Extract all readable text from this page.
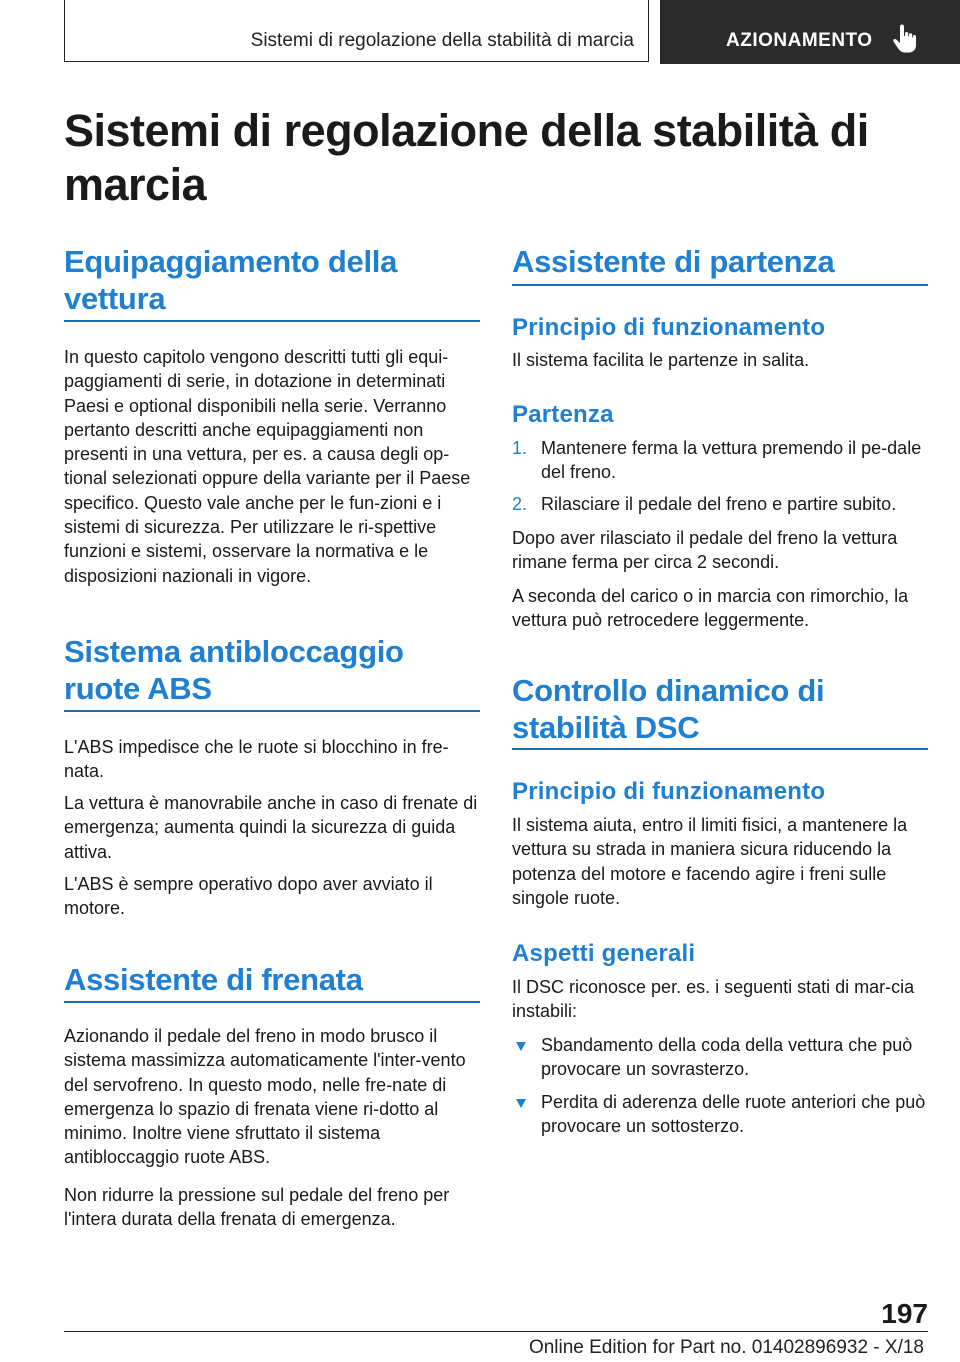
Sistemi di regolazione della stabilità di marcia	AZIONAMENTO
Sistemi di regolazione della stabilità di marcia
Equipaggiamento della vettura

In questo capitolo vengono descritti tutti gli equi-paggiamenti di serie, in dotazione in determinati Paesi e optional disponibili nella serie. Verranno pertanto descritti anche equipaggiamenti non presenti in una vettura, per es. a causa degli op-tional selezionati oppure della variante per il Paese specifico. Questo vale anche per le fun-zioni e i sistemi di sicurezza. Per utilizzare le ri-spettive funzioni e sistemi, osservare la normativa e le disposizioni nazionali in vigore.

Sistema antibloccaggio ruote ABS

L'ABS impedisce che le ruote si blocchino in fre-nata.

La vettura è manovrabile anche in caso di frenate di emergenza; aumenta quindi la sicurezza di guida attiva.

L'ABS è sempre operativo dopo aver avviato il motore.

Assistente di frenata

Azionando il pedale del freno in modo brusco il sistema massimizza automaticamente l'inter-vento del servofreno. In questo modo, nelle fre-nate di emergenza lo spazio di frenata viene ri-dotto al minimo. Inoltre viene sfruttato il sistema antibloccaggio ruote ABS.

Non ridurre la pressione sul pedale del freno per l'intera durata della frenata di emergenza.

Assistente di partenza
Principio di funzionamento

Il sistema facilita le partenze in salita.

Partenza
1. Mantenere ferma la vettura premendo il pe-dale del freno.

2. Rilasciare il pedale del freno e partire subito.

Dopo aver rilasciato il pedale del freno la vettura rimane ferma per circa 2 secondi.

A seconda del carico o in marcia con rimorchio, la vettura può retrocedere leggermente.

Controllo dinamico di stabilità DSC
Principio di funzionamento

Il sistema aiuta, entro il limiti fisici, a mantenere la vettura su strada in maniera sicura riducendo la potenza del motore e facendo agire i freni sulle singole ruote.

Aspetti generali

Il DSC riconosce per. es. i seguenti stati di mar-cia instabili:

Sbandamento della coda della vettura che può provocare un sovrasterzo.

Perdita di aderenza delle ruote anteriori che può provocare un sottosterzo.

197
Online Edition for Part no. 01402896932 - X/18
